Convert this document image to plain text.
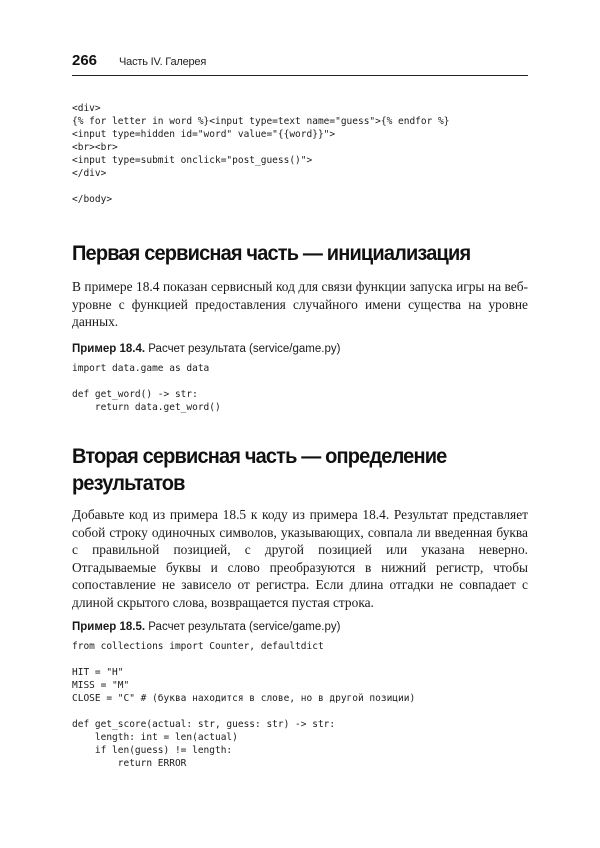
266 Часть IV. Галерея
<div>
{% for letter in word %}<input type=text name="guess">{% endfor %}
<input type=hidden id="word" value="{{word}}">
<br><br>
<input type=submit onclick="post_guess()">
</div>
</body>
Первая сервисная часть — инициализация

В примере 18.4 показан сервисный код для связи функции запуска игры на веб-уровне с функцией предоставления случайного имени существа на уровне данных.

Пример 18.4. Расчет результата (service/game.py)

import data.game as data
def get_word() -> str:
return data.get_word()
Вторая сервисная часть — определение
результатов

Добавьте код из примера 18.5 к коду из примера 18.4. Результат представляет собой строку одиночных символов, указывающих, совпала ли введенная буква с правильной позицией, с другой позицией или указана неверно. Отгадываемые буквы и слово преобразуются в нижний регистр, чтобы сопоставление не зависело от регистра. Если длина отгадки не совпадает с длиной скрытого слова, возвращается пустая строка.

Пример 18.5. Расчет результата (service/game.py)

from collections import Counter, defaultdict
HIT = "H"
MISS = "M"
CLOSE = "C" # (буква находится в слове, но в другой позиции)
def get_score(actual: str, guess: str) -> str:
length: int = len(actual)
if len(guess) != length:
return ERROR
